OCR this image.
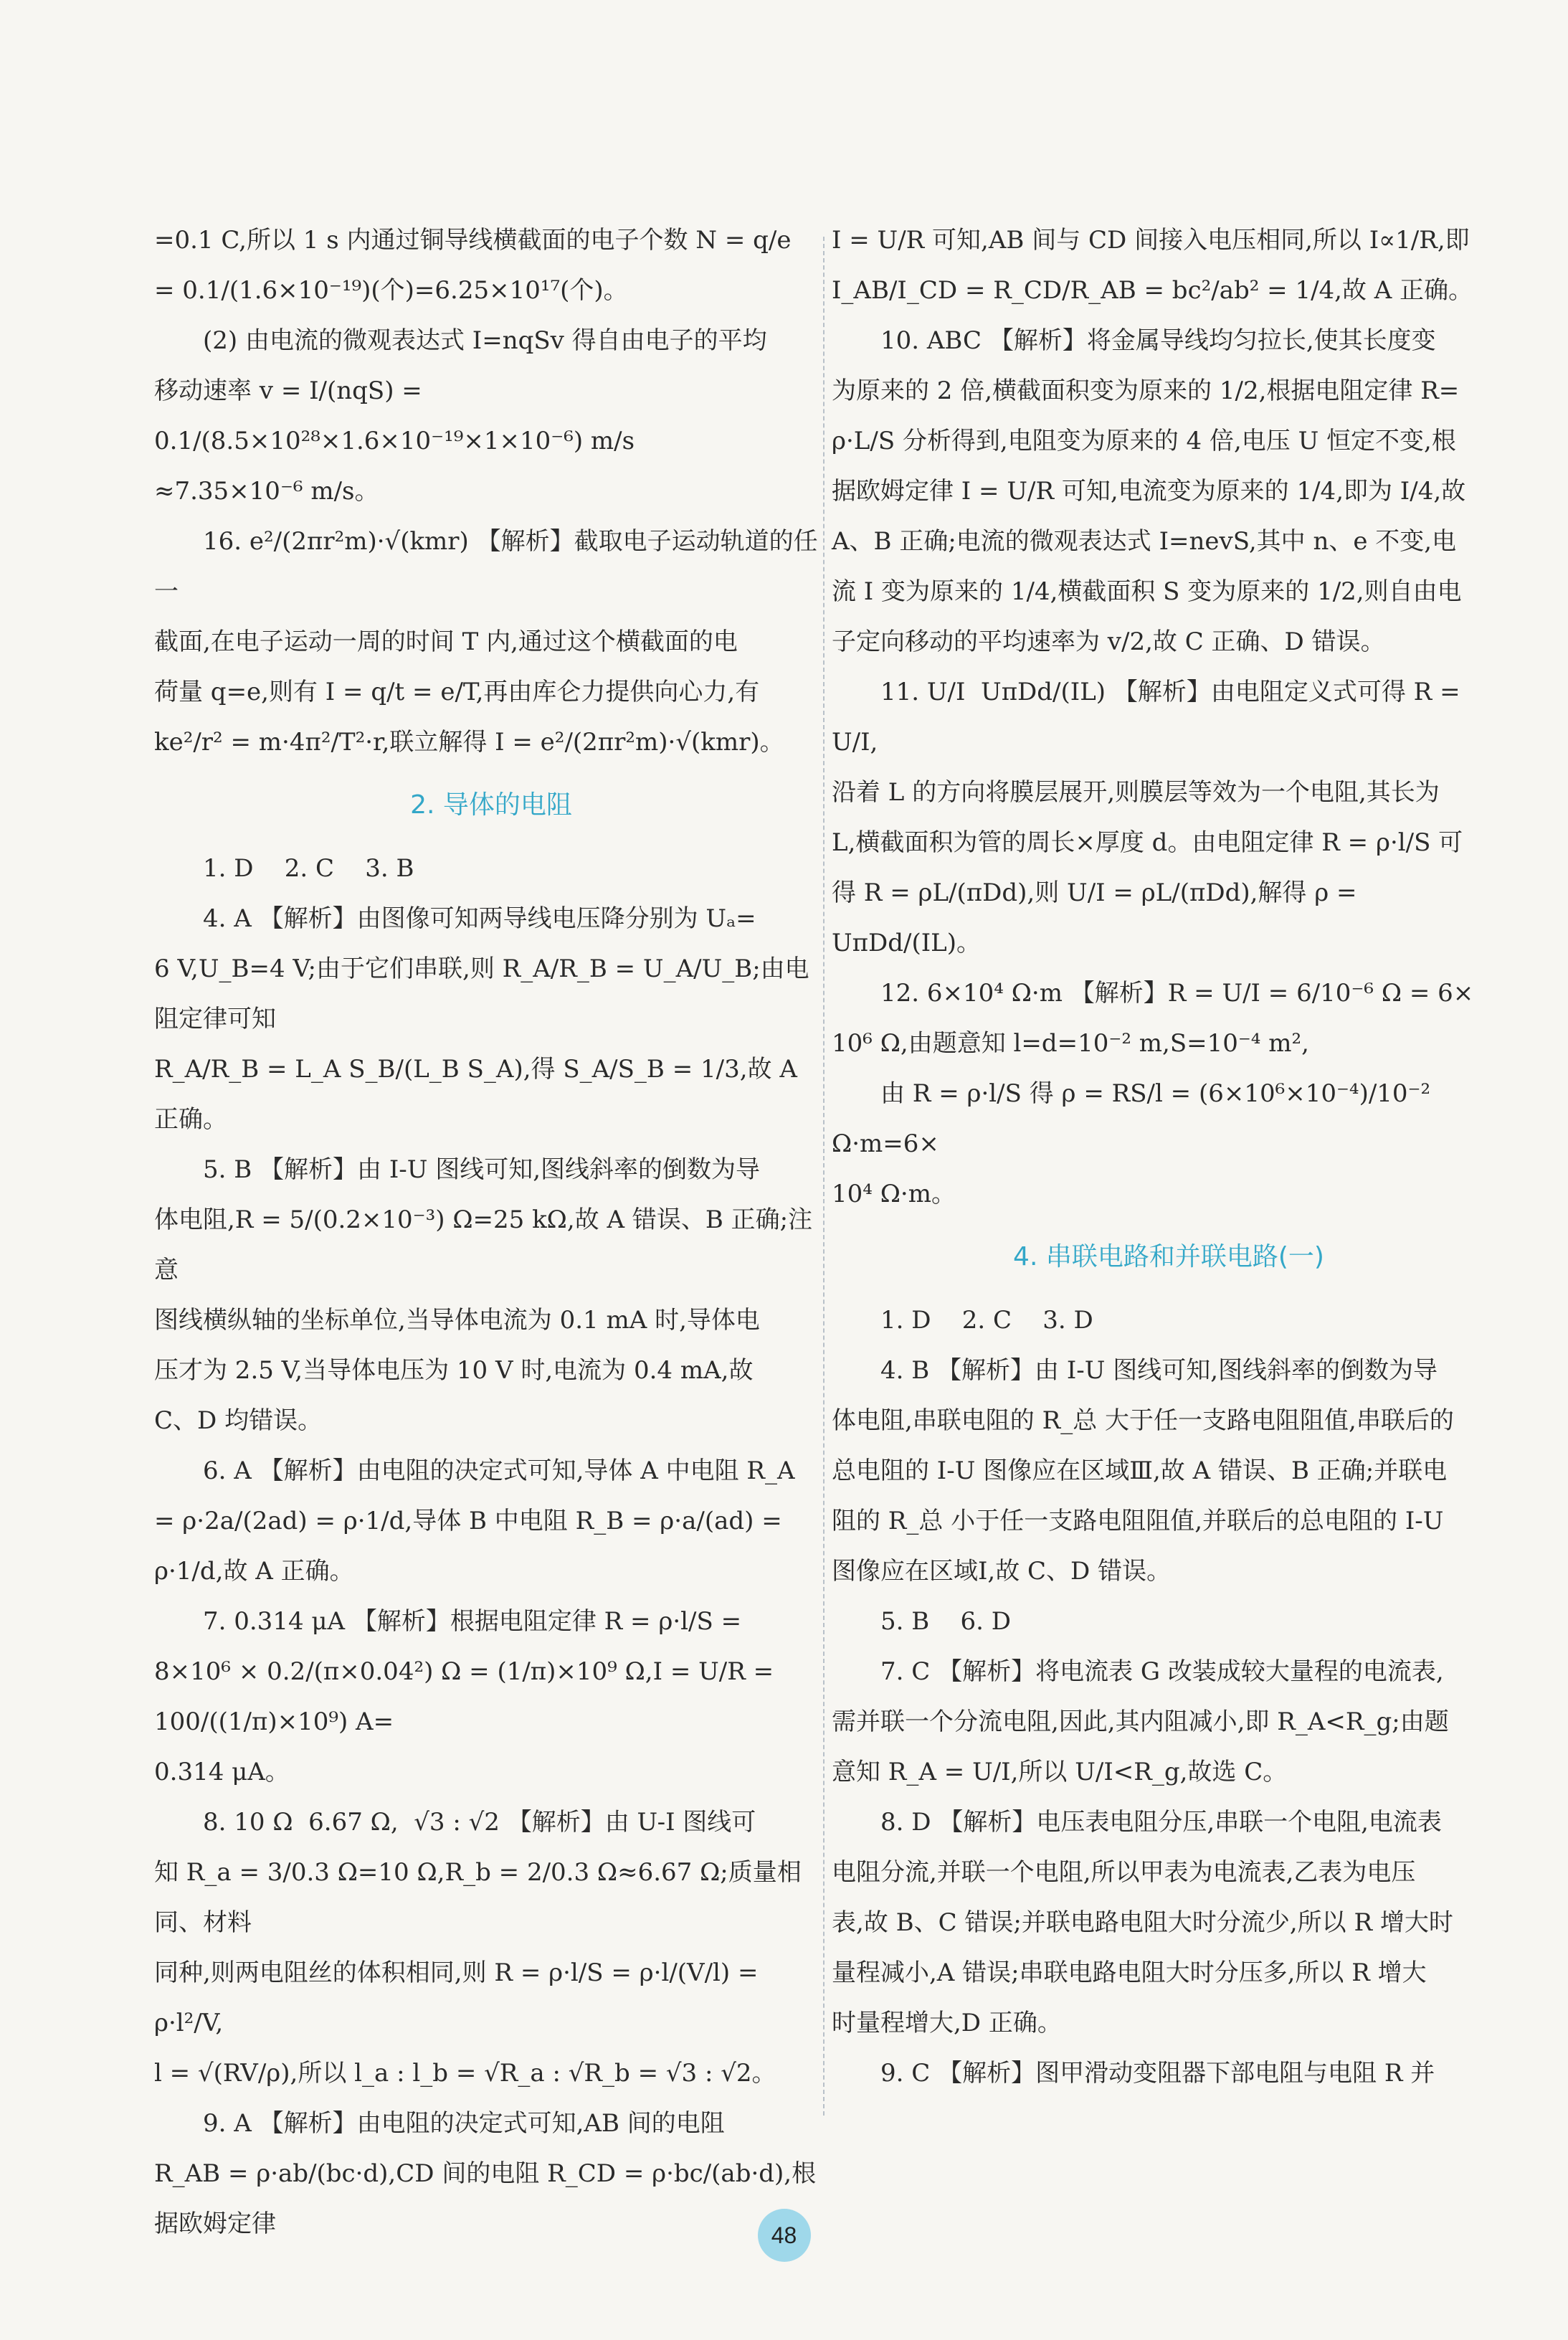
=0.1 C,所以 1 s 内通过铜导线横截面的电子个数 N = q/e

= 0.1/(1.6×10⁻¹⁹)(个)=6.25×10¹⁷(个)。

(2) 由电流的微观表达式 I=nqSv 得自由电子的平均

移动速率 v = I/(nqS) = 0.1/(8.5×10²⁸×1.6×10⁻¹⁹×1×10⁻⁶) m/s

≈7.35×10⁻⁶ m/s。

16. e²/(2πr²m)·√(kmr) 【解析】截取电子运动轨道的任一

截面,在电子运动一周的时间 T 内,通过这个横截面的电

荷量 q=e,则有 I = q/t = e/T,再由库仑力提供向心力,有

ke²/r² = m·4π²/T²·r,联立解得 I = e²/(2πr²m)·√(kmr)。

2. 导体的电阻

1. D    2. C    3. B

4. A 【解析】由图像可知两导线电压降分别为 Uₐ=

6 V,U_B=4 V;由于它们串联,则 R_A/R_B = U_A/U_B;由电阻定律可知

R_A/R_B = L_A S_B/(L_B S_A),得 S_A/S_B = 1/3,故 A 正确。

5. B 【解析】由 I-U 图线可知,图线斜率的倒数为导

体电阻,R = 5/(0.2×10⁻³) Ω=25 kΩ,故 A 错误、B 正确;注意

图线横纵轴的坐标单位,当导体电流为 0.1 mA 时,导体电

压才为 2.5 V,当导体电压为 10 V 时,电流为 0.4 mA,故

C、D 均错误。

6. A 【解析】由电阻的决定式可知,导体 A 中电阻 R_A

= ρ·2a/(2ad) = ρ·1/d,导体 B 中电阻 R_B = ρ·a/(ad) = ρ·1/d,故 A 正确。

7. 0.314 μA 【解析】根据电阻定律 R = ρ·l/S =

8×10⁶ × 0.2/(π×0.04²) Ω = (1/π)×10⁹ Ω,I = U/R = 100/((1/π)×10⁹) A=

0.314 μA。

8. 10 Ω  6.67 Ω,  √3 : √2 【解析】由 U-I 图线可

知 R_a = 3/0.3 Ω=10 Ω,R_b = 2/0.3 Ω≈6.67 Ω;质量相同、材料

同种,则两电阻丝的体积相同,则 R = ρ·l/S = ρ·l/(V/l) = ρ·l²/V,

l = √(RV/ρ),所以 l_a : l_b = √R_a : √R_b = √3 : √2。

9. A 【解析】由电阻的决定式可知,AB 间的电阻

R_AB = ρ·ab/(bc·d),CD 间的电阻 R_CD = ρ·bc/(ab·d),根据欧姆定律

I = U/R 可知,AB 间与 CD 间接入电压相同,所以 I∝1/R,即

I_AB/I_CD = R_CD/R_AB = bc²/ab² = 1/4,故 A 正确。

10. ABC 【解析】将金属导线均匀拉长,使其长度变

为原来的 2 倍,横截面积变为原来的 1/2,根据电阻定律 R=

ρ·L/S 分析得到,电阻变为原来的 4 倍,电压 U 恒定不变,根

据欧姆定律 I = U/R 可知,电流变为原来的 1/4,即为 I/4,故

A、B 正确;电流的微观表达式 I=nevS,其中 n、e 不变,电

流 I 变为原来的 1/4,横截面积 S 变为原来的 1/2,则自由电

子定向移动的平均速率为 v/2,故 C 正确、D 错误。

11. U/I  UπDd/(IL) 【解析】由电阻定义式可得 R = U/I,

沿着 L 的方向将膜层展开,则膜层等效为一个电阻,其长为

L,横截面积为管的周长×厚度 d。由电阻定律 R = ρ·l/S 可

得 R = ρL/(πDd),则 U/I = ρL/(πDd),解得 ρ = UπDd/(IL)。

12. 6×10⁴ Ω·m 【解析】R = U/I = 6/10⁻⁶ Ω = 6×

10⁶ Ω,由题意知 l=d=10⁻² m,S=10⁻⁴ m²,

由 R = ρ·l/S 得 ρ = RS/l = (6×10⁶×10⁻⁴)/10⁻² Ω·m=6×

10⁴ Ω·m。

4. 串联电路和并联电路(一)

1. D    2. C    3. D

4. B 【解析】由 I-U 图线可知,图线斜率的倒数为导

体电阻,串联电阻的 R_总 大于任一支路电阻阻值,串联后的

总电阻的 I-U 图像应在区域Ⅲ,故 A 错误、B 正确;并联电

阻的 R_总 小于任一支路电阻阻值,并联后的总电阻的 I-U

图像应在区域Ⅰ,故 C、D 错误。

5. B    6. D

7. C 【解析】将电流表 G 改装成较大量程的电流表,

需并联一个分流电阻,因此,其内阻减小,即 R_A<R_g;由题

意知 R_A = U/I,所以 U/I<R_g,故选 C。

8. D 【解析】电压表电阻分压,串联一个电阻,电流表

电阻分流,并联一个电阻,所以甲表为电流表,乙表为电压

表,故 B、C 错误;并联电路电阻大时分流少,所以 R 增大时

量程减小,A 错误;串联电路电阻大时分压多,所以 R 增大

时量程增大,D 正确。

9. C 【解析】图甲滑动变阻器下部电阻与电阻 R 并

48
